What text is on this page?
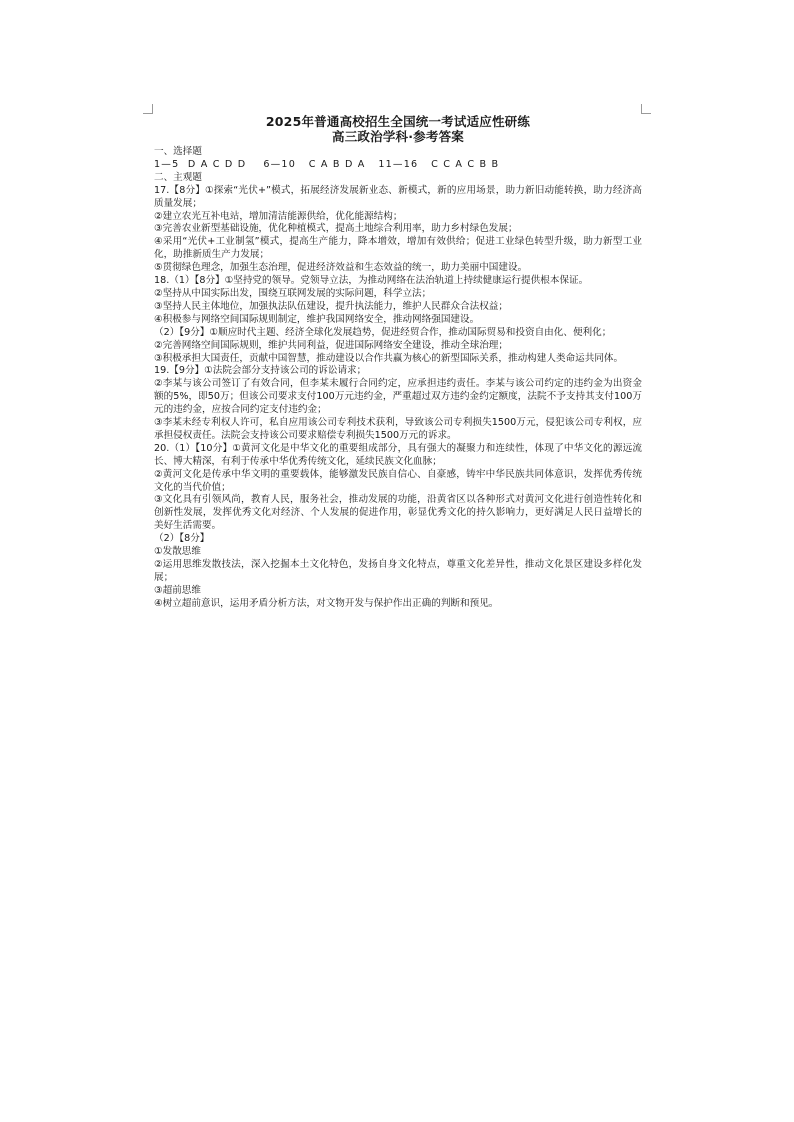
2025年普通高校招生全国统一考试适应性研练

高三政治学科·参考答案

一、选择题

1—5  D A C D D    6—10   C A B D A   11—16   C C A C B B

二、主观题

17.【8分】①探索“光伏+”模式，拓展经济发展新业态、新模式，新的应用场景，助力新旧动能转换，助力经济高质量发展；

②建立农光互补电站，增加清洁能源供给，优化能源结构；

③完善农业新型基础设施，优化种植模式，提高土地综合利用率，助力乡村绿色发展；

④采用“光伏+工业制氢”模式，提高生产能力，降本增效，增加有效供给；促进工业绿色转型升级，助力新型工业化，助推新质生产力发展；

⑤贯彻绿色理念，加强生态治理，促进经济效益和生态效益的统一，助力美丽中国建设。

18.（1）【8分】①坚持党的领导。党领导立法，为推动网络在法治轨道上持续健康运行提供根本保证。

②坚持从中国实际出发，围绕互联网发展的实际问题，科学立法；

③坚持人民主体地位，加强执法队伍建设，提升执法能力，维护人民群众合法权益；

④积极参与网络空间国际规则制定，维护我国网络安全，推动网络强国建设。

（2）【9分】①顺应时代主题、经济全球化发展趋势，促进经贸合作，推动国际贸易和投资自由化、便利化；

②完善网络空间国际规则，维护共同利益，促进国际网络安全建设，推动全球治理；

③积极承担大国责任，贡献中国智慧，推动建设以合作共赢为核心的新型国际关系，推动构建人类命运共同体。

19.【9分】①法院会部分支持该公司的诉讼请求；

②李某与该公司签订了有效合同，但李某未履行合同约定，应承担违约责任。李某与该公司约定的违约金为出资金额的5%，即50万；但该公司要求支付100万元违约金，严重超过双方违约金约定额度，法院不予支持其支付100万元的违约金，应按合同约定支付违约金；

③李某未经专利权人许可，私自应用该公司专利技术获利，导致该公司专利损失1500万元，侵犯该公司专利权，应承担侵权责任。法院会支持该公司要求赔偿专利损失1500万元的诉求。

20.（1）【10分】①黄河文化是中华文化的重要组成部分，具有强大的凝聚力和连续性，体现了中华文化的源远流长、博大精深，有利于传承中华优秀传统文化，延续民族文化血脉；

②黄河文化是传承中华文明的重要载体，能够激发民族自信心、自豪感，铸牢中华民族共同体意识，发挥优秀传统文化的当代价值；

③文化具有引领风尚，教育人民，服务社会，推动发展的功能，沿黄省区以各种形式对黄河文化进行创造性转化和创新性发展，发挥优秀文化对经济、个人发展的促进作用，彰显优秀文化的持久影响力，更好满足人民日益增长的美好生活需要。

（2）【8分】

①发散思维

②运用思维发散技法，深入挖掘本土文化特色，发扬自身文化特点，尊重文化差异性，推动文化景区建设多样化发展；

③超前思维

④树立超前意识，运用矛盾分析方法，对文物开发与保护作出正确的判断和预见。
